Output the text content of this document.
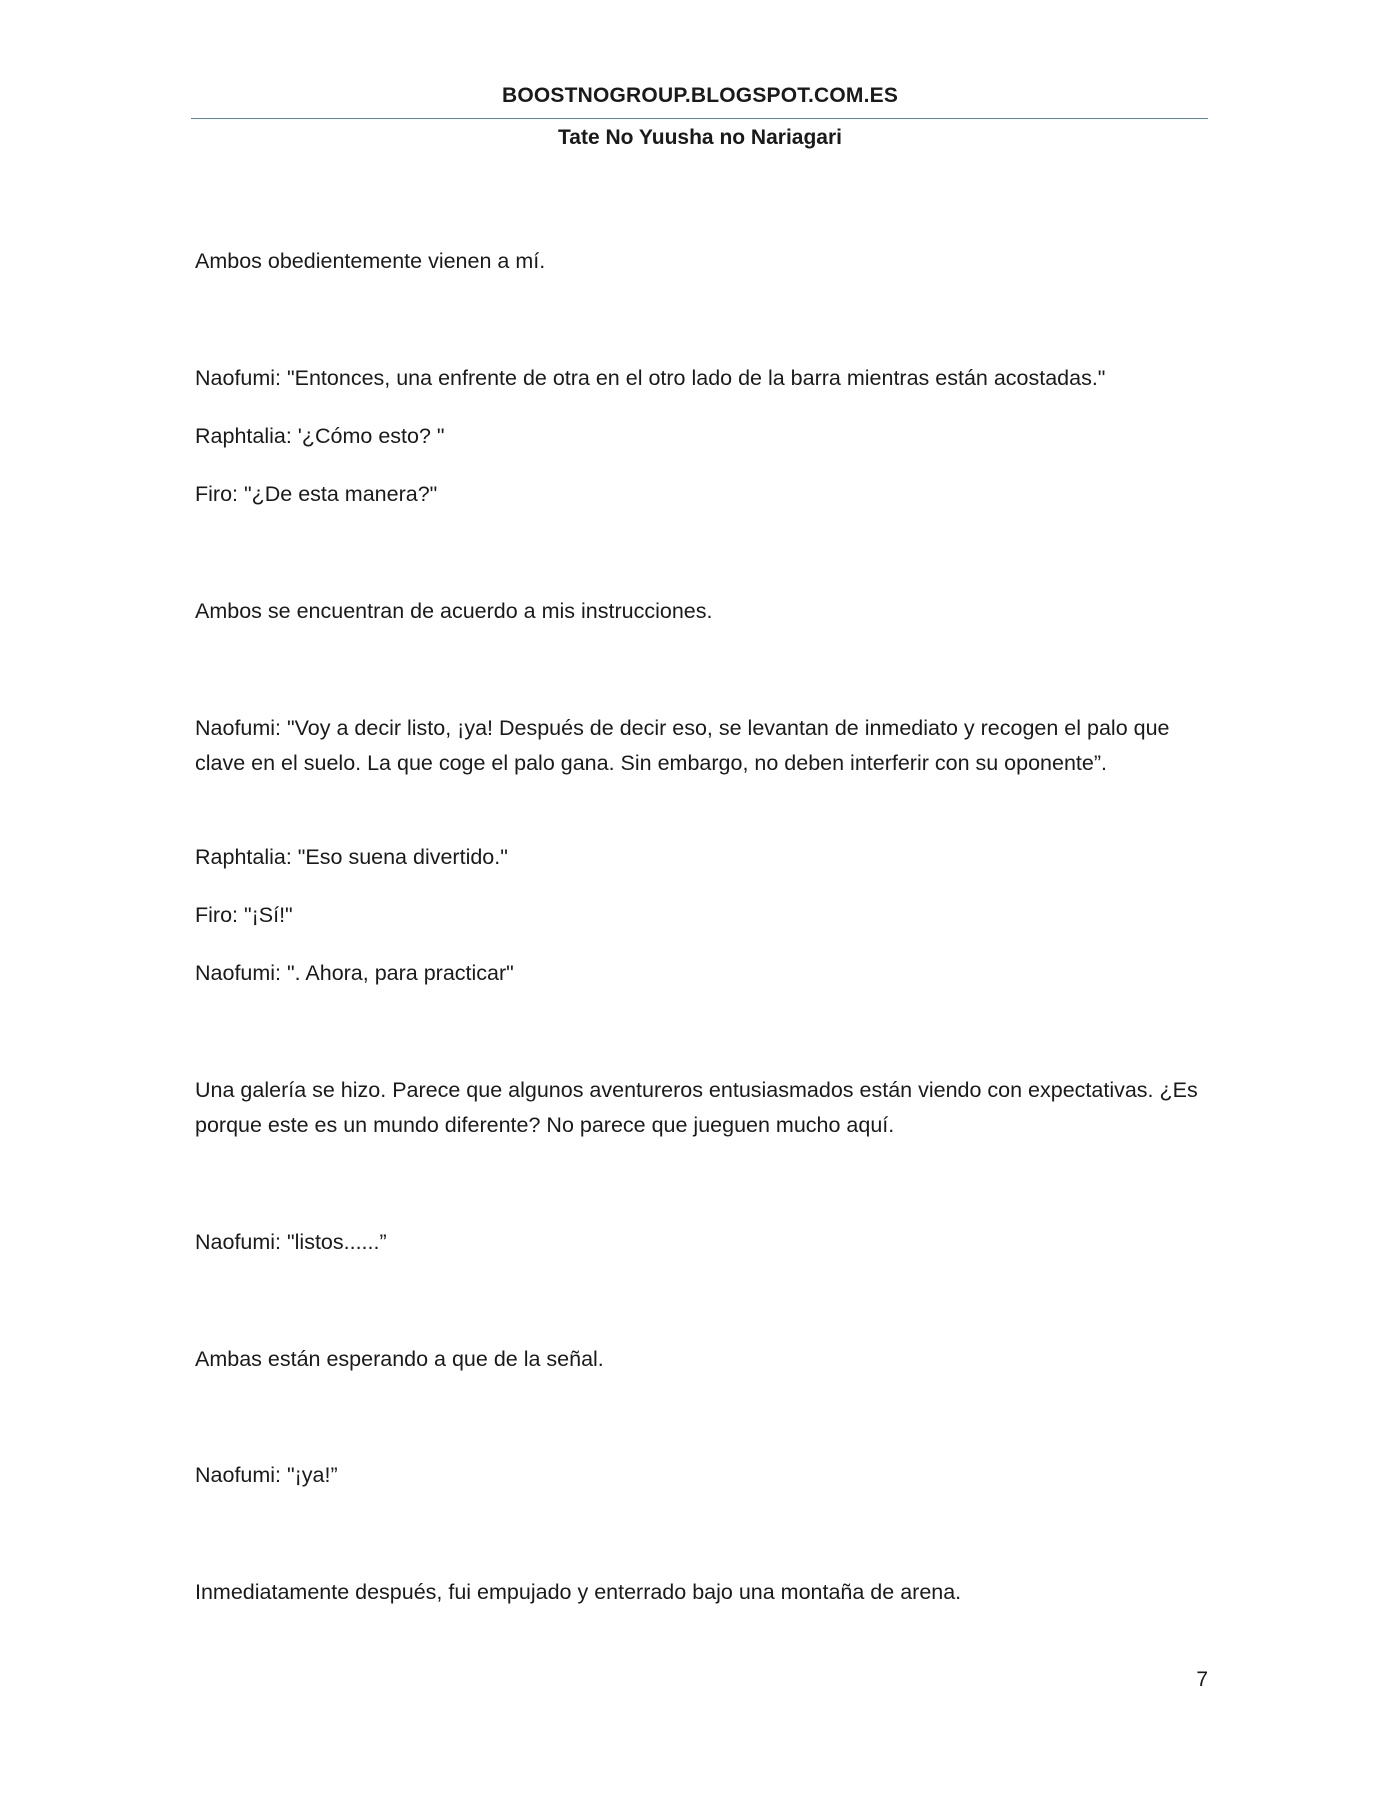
BOOSTNOGROUP.BLOGSPOT.COM.ES
Tate No Yuusha no Nariagari

Ambos obedientemente vienen a mí.

Naofumi: "Entonces, una enfrente de otra en el otro lado de la barra mientras están acostadas."

Raphtalia: '¿Cómo esto? "

Firo: "¿De esta manera?"

Ambos se encuentran de acuerdo a mis instrucciones.

Naofumi: "Voy a decir listo, ¡ya! Después de decir eso, se levantan de inmediato y recogen el palo que clave en el suelo. La que coge el palo gana. Sin embargo, no deben interferir con su oponente”.

Raphtalia: "Eso suena divertido."

Firo: "¡Sí!"

Naofumi: ". Ahora, para practicar"

Una galería se hizo. Parece que algunos aventureros entusiasmados están viendo con expectativas. ¿Es porque este es un mundo diferente? No parece que jueguen mucho aquí.

Naofumi: "listos......”

Ambas están esperando a que de la señal.

Naofumi: "¡ya!”

Inmediatamente después, fui empujado y enterrado bajo una montaña de arena.

7
